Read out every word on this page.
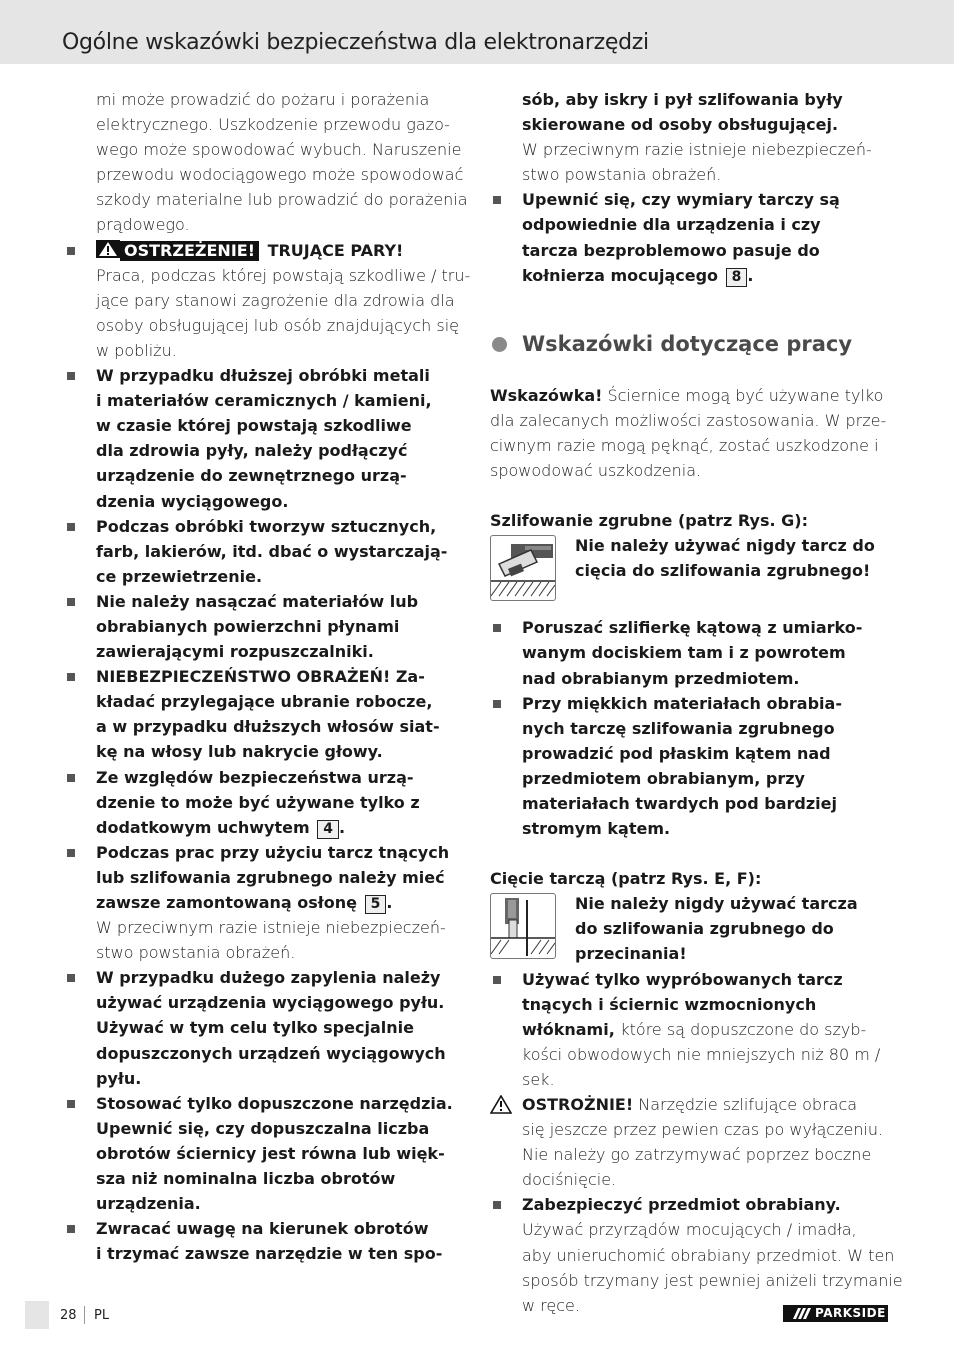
Ogólne wskazówki bezpieczeństwa dla elektronarzędzi
mi może prowadzić do pożaru i porażenia
elektrycznego. Uszkodzenie przewodu gazo-
wego może spowodować wybuch. Naruszenie
przewodu wodociągowego może spowodować
szkody materialne lub prowadzić do porażenia
prądowego.
OSTRZEŻENIE! TRUJĄCE PARY!
Praca, podczas której powstają szkodliwe / tru-
jące pary stanowi zagrożenie dla zdrowia dla
osoby obsługującej lub osób znajdujących się
w pobliżu.
W przypadku dłuższej obróbki metali
i materiałów ceramicznych / kamieni,
w czasie której powstają szkodliwe
dla zdrowia pyły, należy podłączyć
urządzenie do zewnętrznego urzą-
dzenia wyciągowego.
Podczas obróbki tworzyw sztucznych,
farb, lakierów, itd. dbać o wystarczają-
ce przewietrzenie.
Nie należy nasączać materiałów lub
obrabianych powierzchni płynami
zawierającymi rozpuszczalniki.
NIEBEZPIECZEŃSTWO OBRAŻEŃ! Za-
kładać przylegające ubranie robocze,
a w przypadku dłuższych włosów siat-
kę na włosy lub nakrycie głowy.
Ze względów bezpieczeństwa urzą-
dzenie to może być używane tylko z
dodatkowym uchwytem 4 .
Podczas prac przy użyciu tarcz tnących
lub szlifowania zgrubnego należy mieć
zawsze zamontowaną osłonę 5 .
W przeciwnym razie istnieje niebezpieczeń-
stwo powstania obrażeń.
W przypadku dużego zapylenia należy
używać urządzenia wyciągowego pyłu.
Używać w tym celu tylko specjalnie
dopuszczonych urządzeń wyciągowych
pyłu.
Stosować tylko dopuszczone narzędzia.
Upewnić się, czy dopuszczalna liczba
obrotów ściernicy jest równa lub więk-
sza niż nominalna liczba obrotów
urządzenia.
Zwracać uwagę na kierunek obrotów
i trzymać zawsze narzędzie w ten spo-
sób, aby iskry i pył szlifowania były
skierowane od osoby obsługującej.
W przeciwnym razie istnieje niebezpieczeń-
stwo powstania obrażeń.
Upewnić się, czy wymiary tarczy są
odpowiednie dla urządzenia i czy
tarcza bezproblemowo pasuje do
kołnierza mocującego 8 .
Wskazówki dotyczące pracy
Wskazówka! Ściernice mogą być używane tylko
dla zalecanych możliwości zastosowania. W prze-
ciwnym razie mogą pęknąć, zostać uszkodzone i
spowodować uszkodzenia.
Szlifowanie zgrubne (patrz Rys. G):
Nie należy używać nigdy tarcz do
cięcia do szlifowania zgrubnego!
Poruszać szlifierkę kątową z umiarko-
wanym dociskiem tam i z powrotem
nad obrabianym przedmiotem.
Przy miękkich materiałach obrabia-
nych tarczę szlifowania zgrubnego
prowadzić pod płaskim kątem nad
przedmiotem obrabianym, przy
materiałach twardych pod bardziej
stromym kątem.
Cięcie tarczą (patrz Rys. E, F):
Nie należy nigdy używać tarcza
do szlifowania zgrubnego do
przecinania!
Używać tylko wypróbowanych tarcz
tnących i ściernic wzmocnionych
włóknami, które są dopuszczone do szyb-
kości obwodowych nie mniejszych niż 80 m / sek.
OSTROŻNIE! Narzędzie szlifujące obraca
się jeszcze przez pewien czas po wyłączeniu.
Nie należy go zatrzymywać poprzez boczne
dociśnięcie.
Zabezpieczyć przedmiot obrabiany.
Używać przyrządów mocujących / imadła,
aby unieruchomić obrabiany przedmiot. W ten
sposób trzymany jest pewniej aniżeli trzymanie
w ręce.
28 PL	PARKSIDE
